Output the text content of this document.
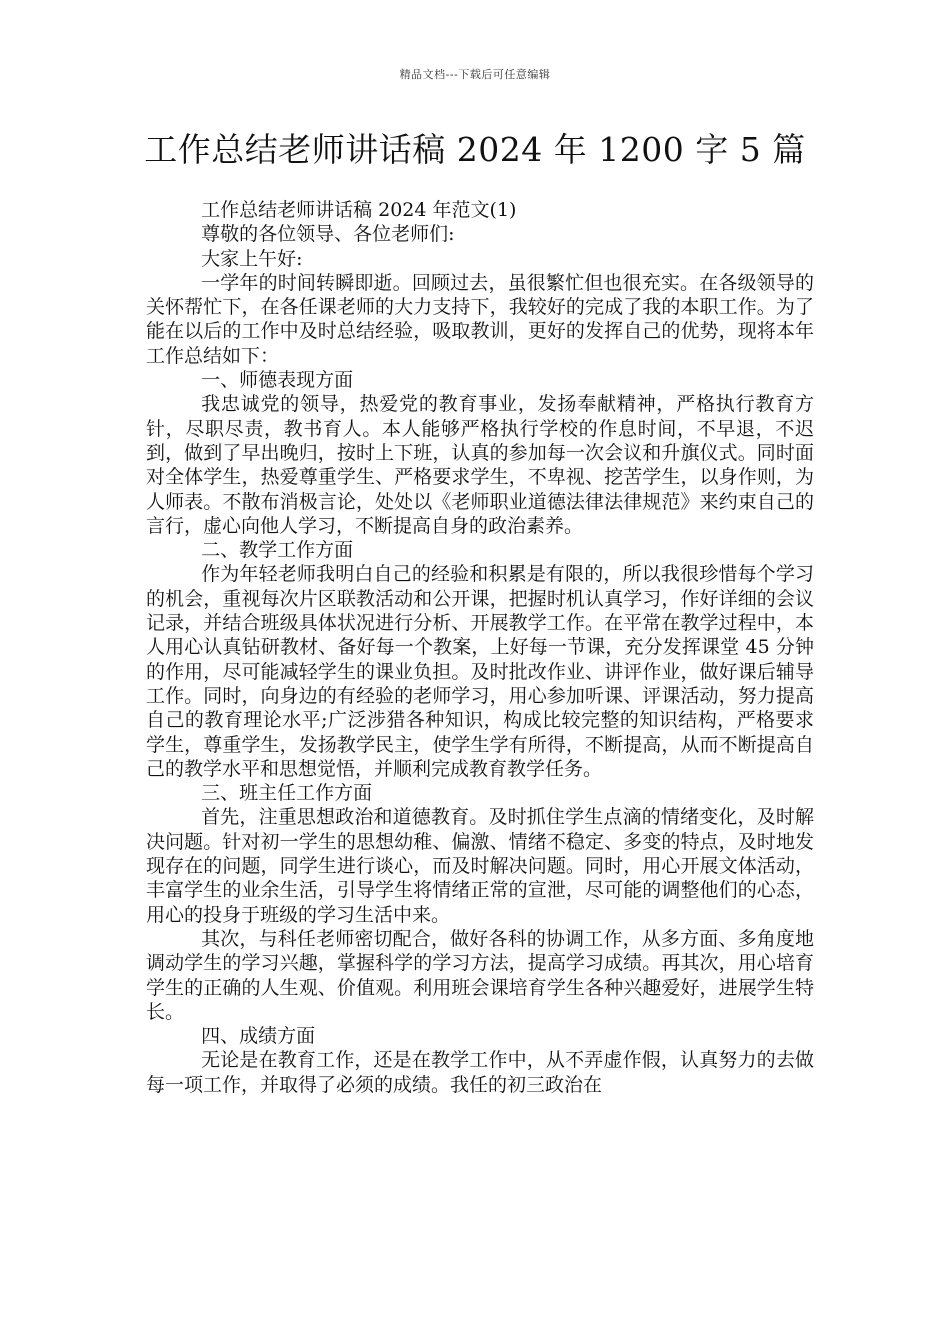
精品文档---下载后可任意编辑
工作总结老师讲话稿 2024 年 1200 字 5 篇

工作总结老师讲话稿 2024 年范文(1)

尊敬的各位领导、各位老师们:

大家上午好:

一学年的时间转瞬即逝。回顾过去，虽很繁忙但也很充实。在各级领导的关怀帮忙下，在各任课老师的大力支持下，我较好的完成了我的本职工作。为了能在以后的工作中及时总结经验，吸取教训，更好的发挥自己的优势，现将本年工作总结如下：

一、师德表现方面

我忠诚党的领导，热爱党的教育事业，发扬奉献精神，严格执行教育方针，尽职尽责，教书育人。本人能够严格执行学校的作息时间，不早退，不迟到，做到了早出晚归，按时上下班，认真的参加每一次会议和升旗仪式。同时面对全体学生，热爱尊重学生、严格要求学生，不卑视、挖苦学生，以身作则，为人师表。不散布消极言论，处处以《老师职业道德法律法律规范》来约束自己的言行，虚心向他人学习，不断提高自身的政治素养。

二、教学工作方面

作为年轻老师我明白自己的经验和积累是有限的，所以我很珍惜每个学习的机会，重视每次片区联教活动和公开课，把握时机认真学习，作好详细的会议记录，并结合班级具体状况进行分析、开展教学工作。在平常在教学过程中，本人用心认真钻研教材、备好每一个教案，上好每一节课，充分发挥课堂 45 分钟的作用，尽可能减轻学生的课业负担。及时批改作业、讲评作业，做好课后辅导工作。同时，向身边的有经验的老师学习，用心参加听课、评课活动，努力提高自己的教育理论水平;广泛涉猎各种知识，构成比较完整的知识结构，严格要求学生，尊重学生，发扬教学民主，使学生学有所得，不断提高，从而不断提高自己的教学水平和思想觉悟，并顺利完成教育教学任务。

三、班主任工作方面

首先，注重思想政治和道德教育。及时抓住学生点滴的情绪变化，及时解决问题。针对初一学生的思想幼稚、偏激、情绪不稳定、多变的特点，及时地发现存在的问题，同学生进行谈心，而及时解决问题。同时，用心开展文体活动，丰富学生的业余生活，引导学生将情绪正常的宣泄，尽可能的调整他们的心态，用心的投身于班级的学习生活中来。

其次，与科任老师密切配合，做好各科的协调工作，从多方面、多角度地调动学生的学习兴趣，掌握科学的学习方法，提高学习成绩。再其次，用心培育学生的正确的人生观、价值观。利用班会课培育学生各种兴趣爱好，进展学生特长。

四、成绩方面

无论是在教育工作，还是在教学工作中，从不弄虚作假，认真努力的去做每一项工作，并取得了必须的成绩。我任的初三政治在
